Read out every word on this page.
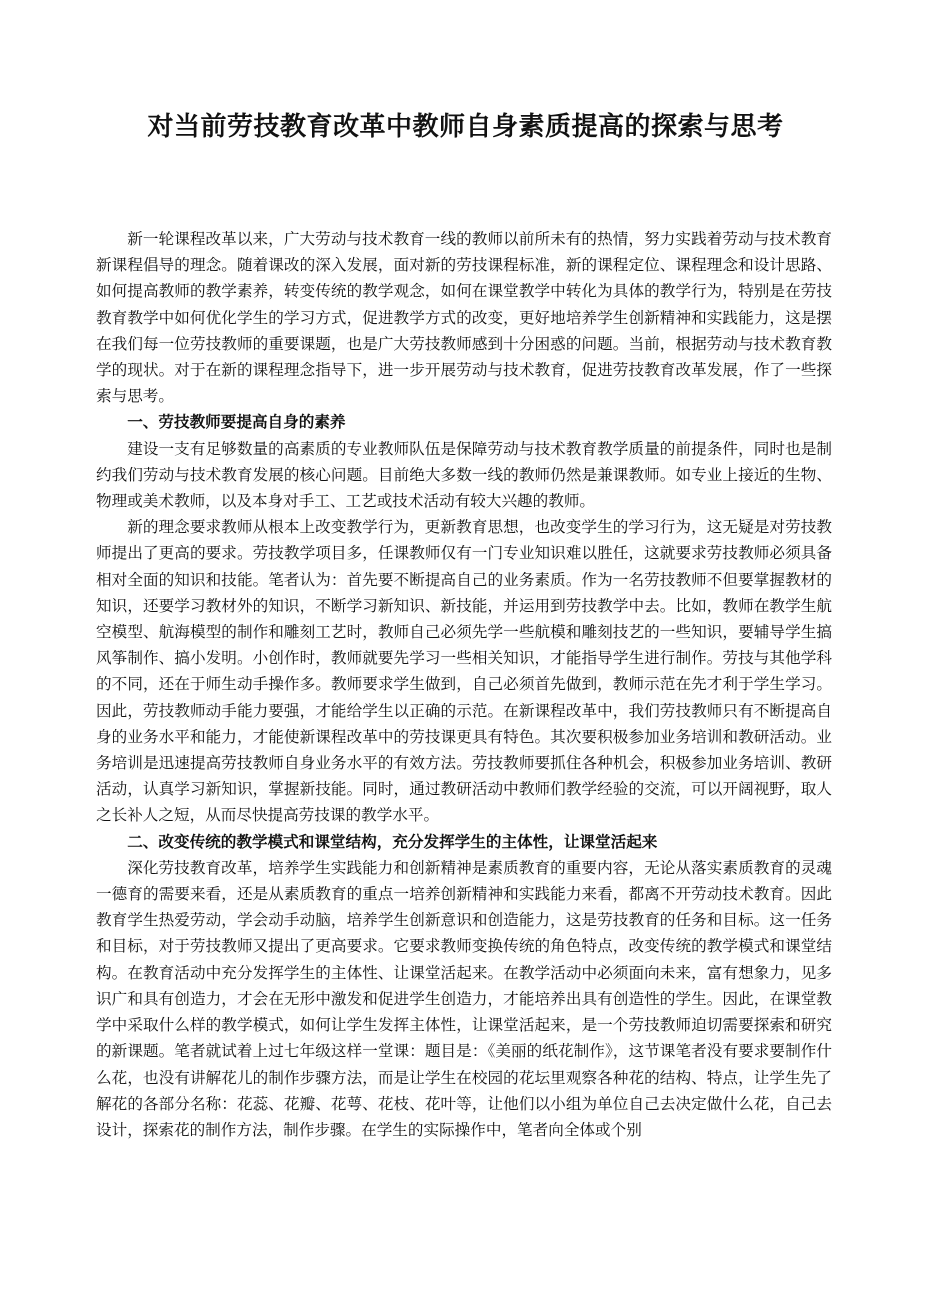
对当前劳技教育改革中教师自身素质提高的探索与思考

新一轮课程改革以来，广大劳动与技术教育一线的教师以前所未有的热情，努力实践着劳动与技术教育新课程倡导的理念。随着课改的深入发展，面对新的劳技课程标准，新的课程定位、课程理念和设计思路、如何提高教师的教学素养，转变传统的教学观念，如何在课堂教学中转化为具体的教学行为，特别是在劳技教育教学中如何优化学生的学习方式，促进教学方式的改变，更好地培养学生创新精神和实践能力，这是摆在我们每一位劳技教师的重要课题，也是广大劳技教师感到十分困惑的问题。当前，根据劳动与技术教育教学的现状。对于在新的课程理念指导下，进一步开展劳动与技术教育，促进劳技教育改革发展，作了一些探索与思考。

一、劳技教师要提高自身的素养

建设一支有足够数量的高素质的专业教师队伍是保障劳动与技术教育教学质量的前提条件，同时也是制约我们劳动与技术教育发展的核心问题。目前绝大多数一线的教师仍然是兼课教师。如专业上接近的生物、物理或美术教师，以及本身对手工、工艺或技术活动有较大兴趣的教师。

新的理念要求教师从根本上改变教学行为，更新教育思想，也改变学生的学习行为，这无疑是对劳技教师提出了更高的要求。劳技教学项目多，任课教师仅有一门专业知识难以胜任，这就要求劳技教师必须具备相对全面的知识和技能。笔者认为：首先要不断提高自己的业务素质。作为一名劳技教师不但要掌握教材的知识，还要学习教材外的知识，不断学习新知识、新技能，并运用到劳技教学中去。比如，教师在教学生航空模型、航海模型的制作和雕刻工艺时，教师自己必须先学一些航模和雕刻技艺的一些知识，要辅导学生搞风筝制作、搞小发明。小创作时，教师就要先学习一些相关知识，才能指导学生进行制作。劳技与其他学科的不同，还在于师生动手操作多。教师要求学生做到，自己必须首先做到，教师示范在先才利于学生学习。因此，劳技教师动手能力要强，才能给学生以正确的示范。在新课程改革中，我们劳技教师只有不断提高自身的业务水平和能力，才能使新课程改革中的劳技课更具有特色。其次要积极参加业务培训和教研活动。业务培训是迅速提高劳技教师自身业务水平的有效方法。劳技教师要抓住各种机会，积极参加业务培训、教研活动，认真学习新知识，掌握新技能。同时，通过教研活动中教师们教学经验的交流，可以开阔视野，取人之长补人之短，从而尽快提高劳技课的教学水平。

二、改变传统的教学模式和课堂结构，充分发挥学生的主体性，让课堂活起来

深化劳技教育改革，培养学生实践能力和创新精神是素质教育的重要内容，无论从落实素质教育的灵魂一德育的需要来看，还是从素质教育的重点一培养创新精神和实践能力来看，都离不开劳动技术教育。因此教育学生热爱劳动，学会动手动脑，培养学生创新意识和创造能力，这是劳技教育的任务和目标。这一任务和目标，对于劳技教师又提出了更高要求。它要求教师变换传统的角色特点，改变传统的教学模式和课堂结构。在教育活动中充分发挥学生的主体性、让课堂活起来。在教学活动中必须面向未来，富有想象力，见多识广和具有创造力，才会在无形中激发和促进学生创造力，才能培养出具有创造性的学生。因此，在课堂教学中采取什么样的教学模式，如何让学生发挥主体性，让课堂活起来，是一个劳技教师迫切需要探索和研究的新课题。笔者就试着上过七年级这样一堂课：题目是：《美丽的纸花制作》，这节课笔者没有要求要制作什么花，也没有讲解花儿的制作步骤方法，而是让学生在校园的花坛里观察各种花的结构、特点，让学生先了解花的各部分名称：花蕊、花瓣、花萼、花枝、花叶等，让他们以小组为单位自己去决定做什么花，自己去设计，探索花的制作方法，制作步骤。在学生的实际操作中，笔者向全体或个别
